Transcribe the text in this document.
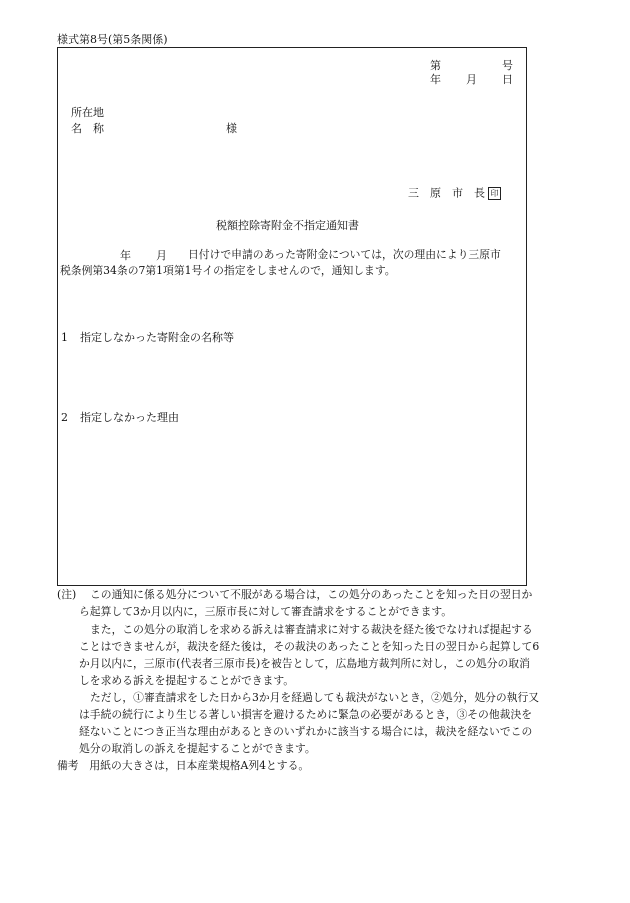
様式第8号(第5条関係)
第	号
年 月 日
所在地
名　称	様
三　原　市　長 印
税額控除寄附金不指定通知書
年 月 日付けで申請のあった寄附金については，次の理由により三原市
税条例第34条の7第1項第1号イの指定をしませんので，通知します。
1 指定しなかった寄附金の名称等
2 指定しなかった理由

(注) この通知に係る処分について不服がある場合は，この処分のあったことを知った日の翌日か

ら起算して3か月以内に，三原市長に対して審査請求をすることができます。

また，この処分の取消しを求める訴えは審査請求に対する裁決を経た後でなければ提起する

ことはできませんが，裁決を経た後は，その裁決のあったことを知った日の翌日から起算して6

か月以内に，三原市(代表者三原市長)を被告として，広島地方裁判所に対し，この処分の取消

しを求める訴えを提起することができます。

ただし，①審査請求をした日から3か月を経過しても裁決がないとき，②処分，処分の執行又

は手続の続行により生じる著しい損害を避けるために緊急の必要があるとき，③その他裁決を

経ないことにつき正当な理由があるときのいずれかに該当する場合には，裁決を経ないでこの

処分の取消しの訴えを提起することができます。

備考　用紙の大きさは，日本産業規格A列4とする。
